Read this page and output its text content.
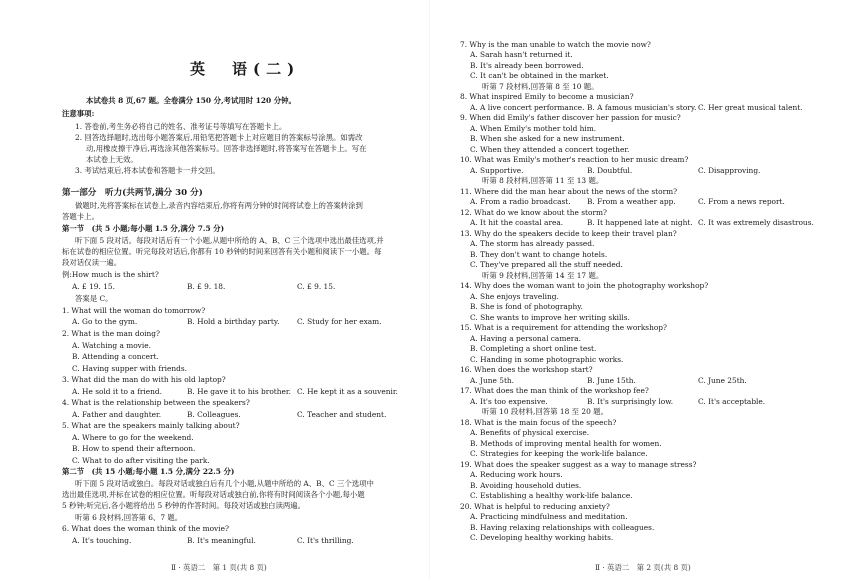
英　语(二)
本试卷共 8 页,67 题。全卷满分 150 分,考试用时 120 分钟。
注意事项:
1. 答卷前,考生务必将自己的姓名、准考证号等填写在答题卡上。
2. 回答选择题时,选出每小题答案后,用铅笔把答题卡上对应题目的答案标号涂黑。如需改
动,用橡皮擦干净后,再选涂其他答案标号。回答非选择题时,将答案写在答题卡上。写在
本试卷上无效。
3. 考试结束后,将本试卷和答题卡一并交回。
第一部分　听力(共两节,满分 30 分)
做题时,先将答案标在试卷上,录音内容结束后,你将有两分钟的时间将试卷上的答案转涂到
答题卡上。
第一节　(共 5 小题;每小题 1.5 分,满分 7.5 分)
听下面 5 段对话。每段对话后有一个小题,从题中所给的 A、B、C 三个选项中选出最佳选项,并
标在试卷的相应位置。听完每段对话后,你都有 10 秒钟的时间来回答有关小题和阅读下一小题。每
段对话仅读一遍。
例:How much is the shirt?
A. £ 19. 15.	B. £ 9. 18.	C. £ 9. 15.
答案是 C。
1. What will the woman do tomorrow?
A. Go to the gym.	B. Hold a birthday party. C. Study for her exam.
2. What is the man doing?
A. Watching a movie.
B. Attending a concert.
C. Having supper with friends.
3. What did the man do with his old laptop?
A. He sold it to a friend.	B. He gave it to his brother. C. He kept it as a souvenir.
4. What is the relationship between the speakers?
A. Father and daughter.	B. Colleagues.	C. Teacher and student.
5. What are the speakers mainly talking about?
A. Where to go for the weekend.
B. How to spend their afternoon.
C. What to do after visiting the park.
第二节　(共 15 小题;每小题 1.5 分,满分 22.5 分)
听下面 5 段对话或独白。每段对话或独白后有几个小题,从题中所给的 A、B、C 三个选项中
选出最佳选项,并标在试卷的相应位置。听每段对话或独白前,你将有时间阅读各个小题,每小题
5 秒钟;听完后,各小题将给出 5 秒钟的作答时间。每段对话或独白读两遍。
听第 6 段材料,回答第 6、7 题。
6. What does the woman think of the movie?
A. It's touching.	B. It's meaningful.	C. It's thrilling.
Ⅱ · 英语二　第 1 页(共 8 页)
7. Why is the man unable to watch the movie now?
A. Sarah hasn't returned it.
B. It's already been borrowed.
C. It can't be obtained in the market.
听第 7 段材料,回答第 8 至 10 题。
8. What inspired Emily to become a musician?
A. A live concert performance. B. A famous musician's story. C. Her great musical talent.
9. When did Emily's father discover her passion for music?
A. When Emily's mother told him.
B. When she asked for a new instrument.
C. When they attended a concert together.
10. What was Emily's mother's reaction to her music dream?
A. Supportive.	B. Doubtful.	C. Disapproving.
听第 8 段材料,回答第 11 至 13 题。
11. Where did the man hear about the news of the storm?
A. From a radio broadcast. B. From a weather app.	C. From a news report.
12. What do we know about the storm?
A. It hit the coastal area.	B. It happened late at night. C. It was extremely disastrous.
13. Why do the speakers decide to keep their travel plan?
A. The storm has already passed.
B. They don't want to change hotels.
C. They've prepared all the stuff needed.
听第 9 段材料,回答第 14 至 17 题。
14. Why does the woman want to join the photography workshop?
A. She enjoys traveling.
B. She is fond of photography.
C. She wants to improve her writing skills.
15. What is a requirement for attending the workshop?
A. Having a personal camera.
B. Completing a short online test.
C. Handing in some photographic works.
16. When does the workshop start?
A. June 5th.	B. June 15th.	C. June 25th.
17. What does the man think of the workshop fee?
A. It's too expensive.	B. It's surprisingly low.	C. It's acceptable.
听第 10 段材料,回答第 18 至 20 题。
18. What is the main focus of the speech?
A. Benefits of physical exercise.
B. Methods of improving mental health for women.
C. Strategies for keeping the work-life balance.
19. What does the speaker suggest as a way to manage stress?
A. Reducing work hours.
B. Avoiding household duties.
C. Establishing a healthy work-life balance.
20. What is helpful to reducing anxiety?
A. Practicing mindfulness and meditation.
B. Having relaxing relationships with colleagues.
C. Developing healthy working habits.
Ⅱ · 英语二　第 2 页(共 8 页)
